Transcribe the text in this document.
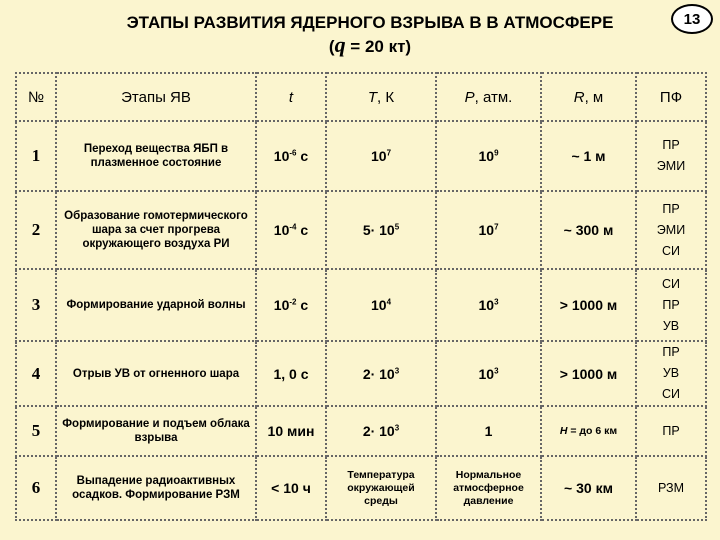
ЭТАПЫ РАЗВИТИЯ ЯДЕРНОГО ВЗРЫВА В В АТМОСФЕРЕ
(q = 20 кт)
13
№	Этапы ЯВ	t	T, К	P, атм.	R, м	ПФ
1	Переход вещества ЯБП в плазменное состояние	$10^{-6}$ с	$10^7$	$10^9$	~ 1 м	ПР
ЭМИ

2	Образование гомотермического шара за счет прогрева окружающего воздуха РИ	$10^{-4}$ с	$5\cdot 10^5$	$10^7$	~ 300 м	ПР
ЭМИ
СИ

3	Формирование ударной волны	$10^{-2}$ с	$10^4$	$10^3$	> 1000 м	СИ
ПР
УВ

4	Отрыв УВ от огненного шара	1, 0 с	$2\cdot 10^3$	$10^3$	> 1000 м	ПР
УВ
СИ

5	Формирование и подъем облака взрыва	10 мин	$2\cdot 10^3$	1	Н = до 6 км	ПР

6	Выпадение радиоактивных осадков. Формирование РЗМ	< 10 ч	Температура окружающей среды	Нормальное атмосферное давление	~ 30 км	РЗМ
